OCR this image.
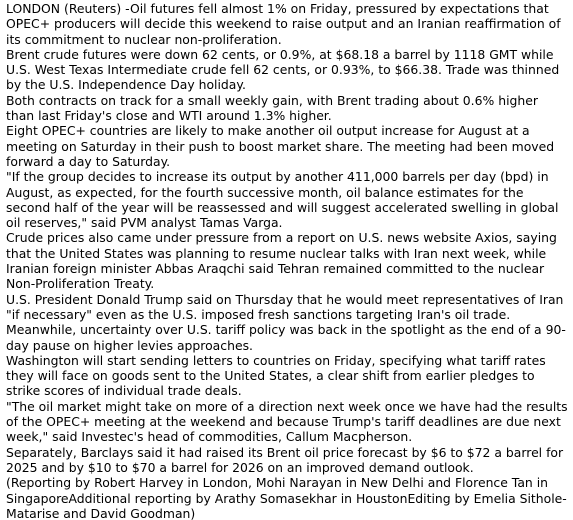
LONDON (Reuters) -Oil futures fell almost 1% on Friday, pressured by expectations that OPEC+ producers will decide this weekend to raise output and an Iranian reaffirmation of its commitment to nuclear non-proliferation.

Brent crude futures were down 62 cents, or 0.9%, at $68.18 a barrel by 1118 GMT while U.S. West Texas Intermediate crude fell 62 cents, or 0.93%, to $66.38. Trade was thinned by the U.S. Independence Day holiday.

Both contracts on track for a small weekly gain, with Brent trading about 0.6% higher than last Friday's close and WTI around 1.3% higher.

Eight OPEC+ countries are likely to make another oil output increase for August at a meeting on Saturday in their push to boost market share. The meeting had been moved forward a day to Saturday.

"If the group decides to increase its output by another 411,000 barrels per day (bpd) in August, as expected, for the fourth successive month, oil balance estimates for the second half of the year will be reassessed and will suggest accelerated swelling in global oil reserves," said PVM analyst Tamas Varga.

Crude prices also came under pressure from a report on U.S. news website Axios, saying that the United States was planning to resume nuclear talks with Iran next week, while Iranian foreign minister Abbas Araqchi said Tehran remained committed to the nuclear Non-Proliferation Treaty.

U.S. President Donald Trump said on Thursday that he would meet representatives of Iran "if necessary" even as the U.S. imposed fresh sanctions targeting Iran's oil trade.

Meanwhile, uncertainty over U.S. tariff policy was back in the spotlight as the end of a 90-day pause on higher levies approaches.

Washington will start sending letters to countries on Friday, specifying what tariff rates they will face on goods sent to the United States, a clear shift from earlier pledges to strike scores of individual trade deals.

"The oil market might take on more of a direction next week once we have had the results of the OPEC+ meeting at the weekend and because Trump's tariff deadlines are due next week," said Investec's head of commodities, Callum Macpherson.

Separately, Barclays said it had raised its Brent oil price forecast by $6 to $72 a barrel for 2025 and by $10 to $70 a barrel for 2026 on an improved demand outlook.

(Reporting by Robert Harvey in London, Mohi Narayan in New Delhi and Florence Tan in SingaporeAdditional reporting by Arathy Somasekhar in HoustonEditing by Emelia Sithole-Matarise and David Goodman)
